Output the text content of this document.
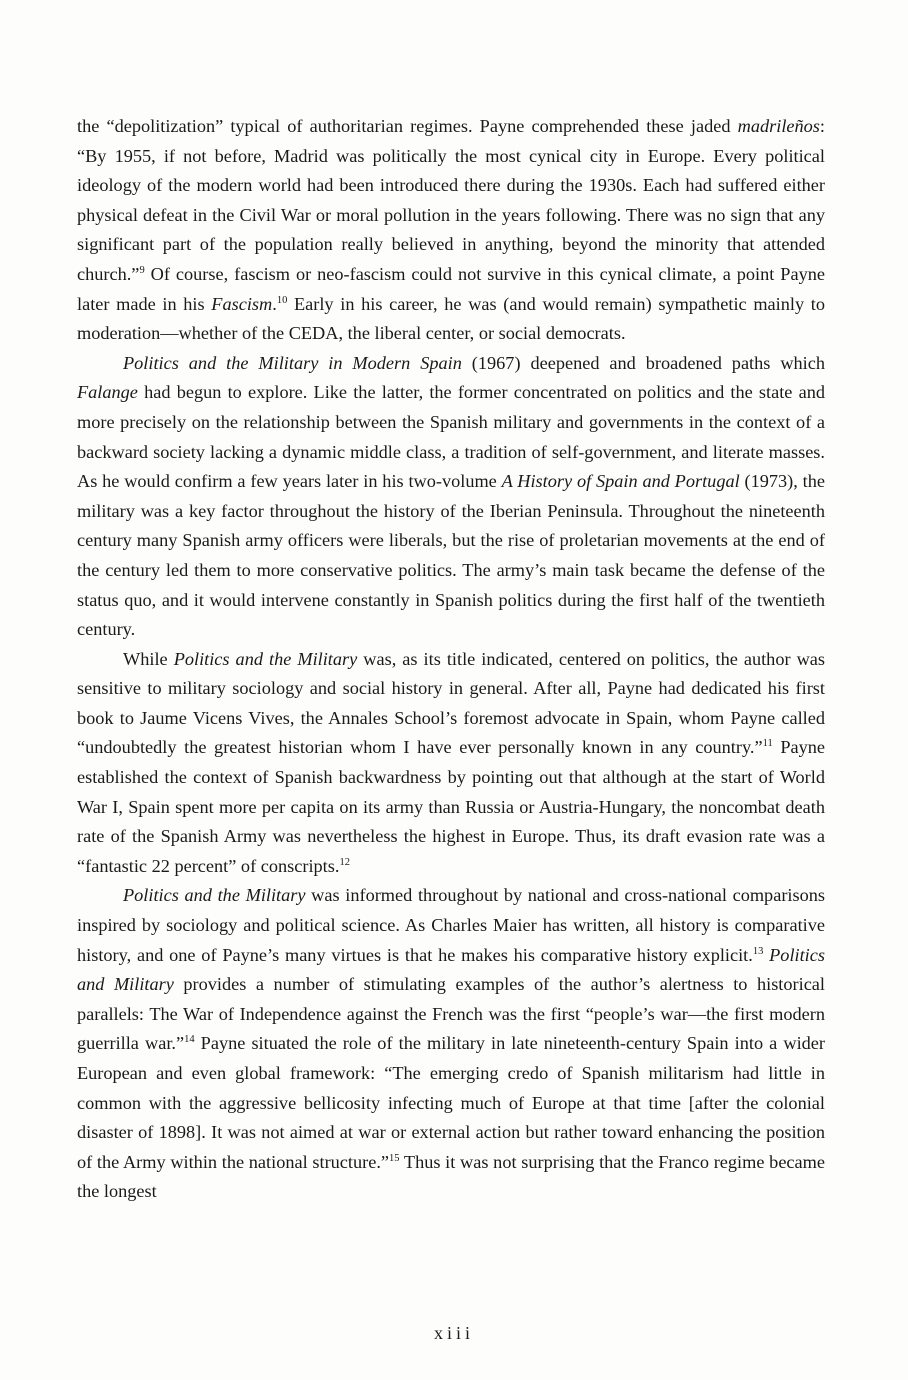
the “depolitization” typical of authoritarian regimes. Payne comprehended these jaded madrileños: “By 1955, if not before, Madrid was politically the most cynical city in Europe. Every political ideology of the modern world had been introduced there during the 1930s. Each had suffered either physical defeat in the Civil War or moral pollution in the years following. There was no sign that any significant part of the population really believed in anything, beyond the minority that attended church.”$^9$ Of course, fascism or neo-fascism could not survive in this cynical climate, a point Payne later made in his Fascism.$^{10}$ Early in his career, he was (and would remain) sympathetic mainly to moderation—whether of the CEDA, the liberal center, or social democrats.

Politics and the Military in Modern Spain (1967) deepened and broadened paths which Falange had begun to explore. Like the latter, the former concentrated on politics and the state and more precisely on the relationship between the Spanish military and governments in the context of a backward society lacking a dynamic middle class, a tradition of self-government, and literate masses. As he would confirm a few years later in his two-volume A History of Spain and Portugal (1973), the military was a key factor throughout the history of the Iberian Peninsula. Throughout the nineteenth century many Spanish army officers were liberals, but the rise of proletarian movements at the end of the century led them to more conservative politics. The army’s main task became the defense of the status quo, and it would intervene constantly in Spanish politics during the first half of the twentieth century.

While Politics and the Military was, as its title indicated, centered on politics, the author was sensitive to military sociology and social history in general. After all, Payne had dedicated his first book to Jaume Vicens Vives, the Annales School’s foremost advocate in Spain, whom Payne called “undoubtedly the greatest historian whom I have ever personally known in any country.”$^{11}$ Payne established the context of Spanish backwardness by pointing out that although at the start of World War I, Spain spent more per capita on its army than Russia or Austria-Hungary, the noncombat death rate of the Spanish Army was nevertheless the highest in Europe. Thus, its draft evasion rate was a “fantastic 22 percent” of conscripts.$^{12}$

Politics and the Military was informed throughout by national and cross-national comparisons inspired by sociology and political science. As Charles Maier has written, all history is comparative history, and one of Payne’s many virtues is that he makes his comparative history explicit.$^{13}$ Politics and Military provides a number of stimulating examples of the author’s alertness to historical parallels: The War of Independence against the French was the first “people’s war—the first modern guerrilla war.”$^{14}$ Payne situated the role of the military in late nineteenth-century Spain into a wider European and even global framework: “The emerging credo of Spanish militarism had little in common with the aggressive bellicosity infecting much of Europe at that time [after the colonial disaster of 1898]. It was not aimed at war or external action but rather toward enhancing the position of the Army within the national structure.”$^{15}$ Thus it was not surprising that the Franco regime became the longest

xiii
